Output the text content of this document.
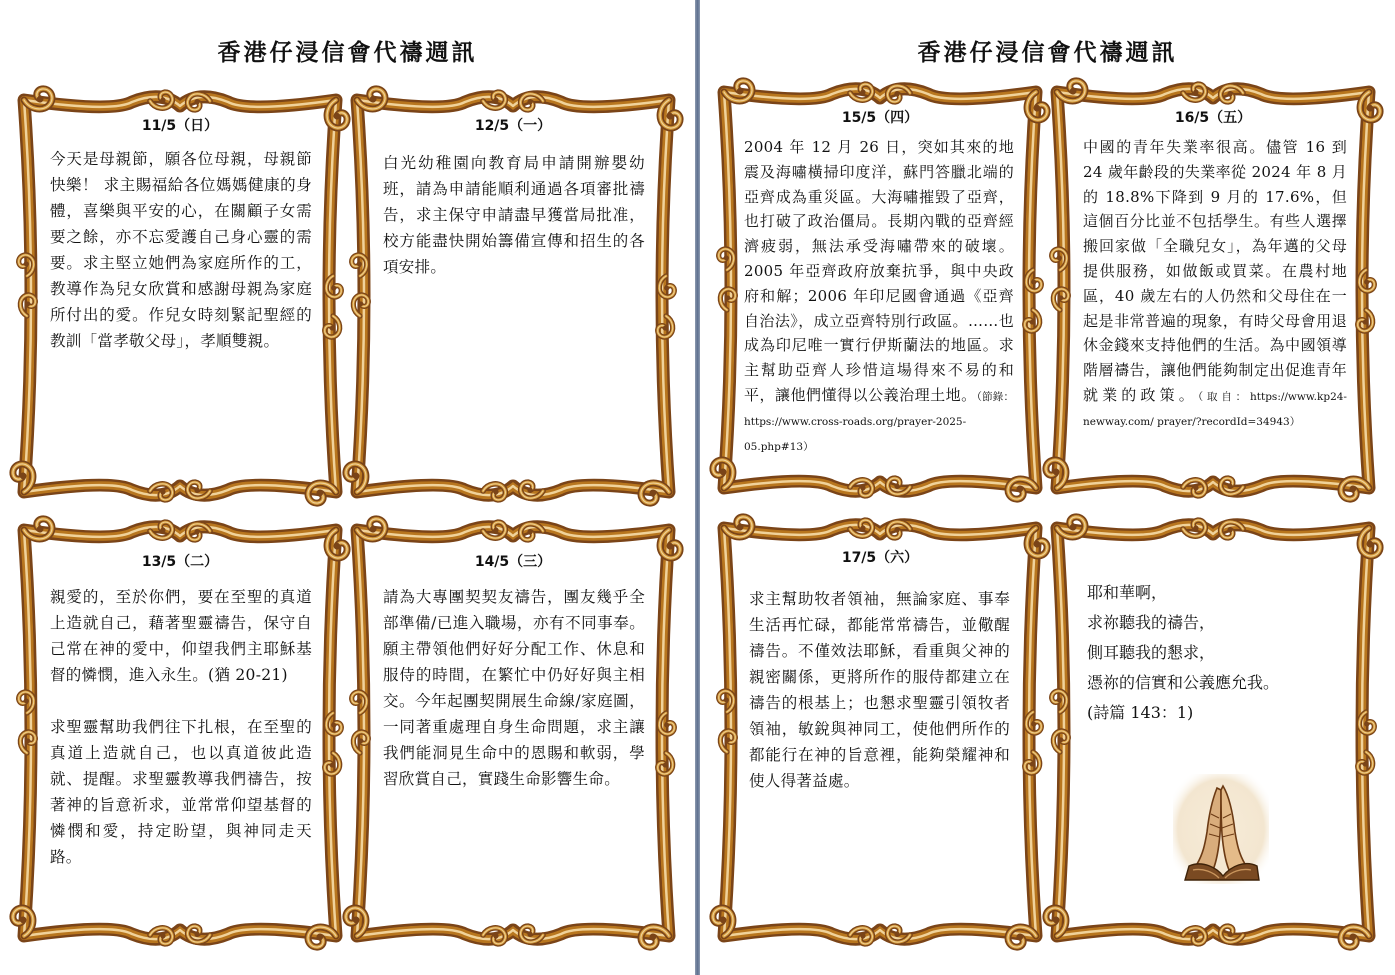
香港仔浸信會代禱週訊
11/5（日）

今天是母親節，願各位母親，母親節快樂！ 求主賜福給各位媽媽健康的身體，喜樂與平安的心，在關顧子女需要之餘，亦不忘愛護自己身心靈的需要。求主堅立她們為家庭所作的工，教導作為兒女欣賞和感謝母親為家庭所付出的愛。作兒女時刻緊記聖經的教訓「當孝敬父母」，孝順雙親。

12/5（一）

白光幼稚園向教育局申請開辦嬰幼班，請為申請能順利通過各項審批禱告，求主保守申請盡早獲當局批准，校方能盡快開始籌備宣傳和招生的各項安排。

13/5（二）

親愛的，至於你們，要在至聖的真道上造就自己，藉著聖靈禱告，保守自己常在神的愛中，仰望我們主耶穌基督的憐憫，進入永生。(猶 20-21)

求聖靈幫助我們往下扎根，在至聖的真道上造就自己，也以真道彼此造就、提醒。求聖靈教導我們禱告，按著神的旨意祈求，並常常仰望基督的憐憫和愛，持定盼望，與神同走天路。

14/5（三）

請為大專團契契友禱告，團友幾乎全部準備/已進入職場，亦有不同事奉。願主帶領他們好好分配工作、休息和服侍的時間，在繁忙中仍好好與主相交。今年起團契開展生命線/家庭圖，一同著重處理自身生命問題，求主讓我們能洞見生命中的恩賜和軟弱，學習欣賞自己，實踐生命影響生命。

香港仔浸信會代禱週訊
15/5（四）

2004 年 12 月 26 日，突如其來的地震及海嘯橫掃印度洋，蘇門答臘北端的亞齊成為重災區。大海嘯摧毀了亞齊，也打破了政治僵局。長期內戰的亞齊經濟疲弱，無法承受海嘯帶來的破壞。2005 年亞齊政府放棄抗爭，與中央政府和解；2006 年印尼國會通過《亞齊自治法》，成立亞齊特別行政區。……也成為印尼唯一實行伊斯蘭法的地區。求主幫助亞齊人珍惜這場得來不易的和平，讓他們懂得以公義治理土地。（節錄：https://www.cross-roads.org/prayer-2025-05.php#13）

16/5（五）

中國的青年失業率很高。儘管 16 到 24 歲年齡段的失業率從 2024 年 8 月的 18.8%下降到 9 月的 17.6%，但這個百分比並不包括學生。有些人選擇搬回家做「全職兒女」，為年邁的父母提供服務，如做飯或買菜。在農村地區，40 歲左右的人仍然和父母住在一起是非常普遍的現象，有時父母會用退休金錢來支持他們的生活。為中國領導階層禱告，讓他們能夠制定出促進青年就業的政策。（取自：https://www.kp24- newway.com/ prayer/?recordId=34943）

17/5（六）

求主幫助牧者領袖，無論家庭、事奉生活再忙碌，都能常常禱告，並儆醒禱告。不僅效法耶穌，看重與父神的親密關係，更將所作的服侍都建立在禱告的根基上；也懇求聖靈引領牧者領袖，敏銳與神同工，使他們所作的都能行在神的旨意裡，能夠榮耀神和使人得著益處。

耶和華啊，
求祢聽我的禱告，
側耳聽我的懇求，
憑祢的信實和公義應允我。
(詩篇 143：1)
